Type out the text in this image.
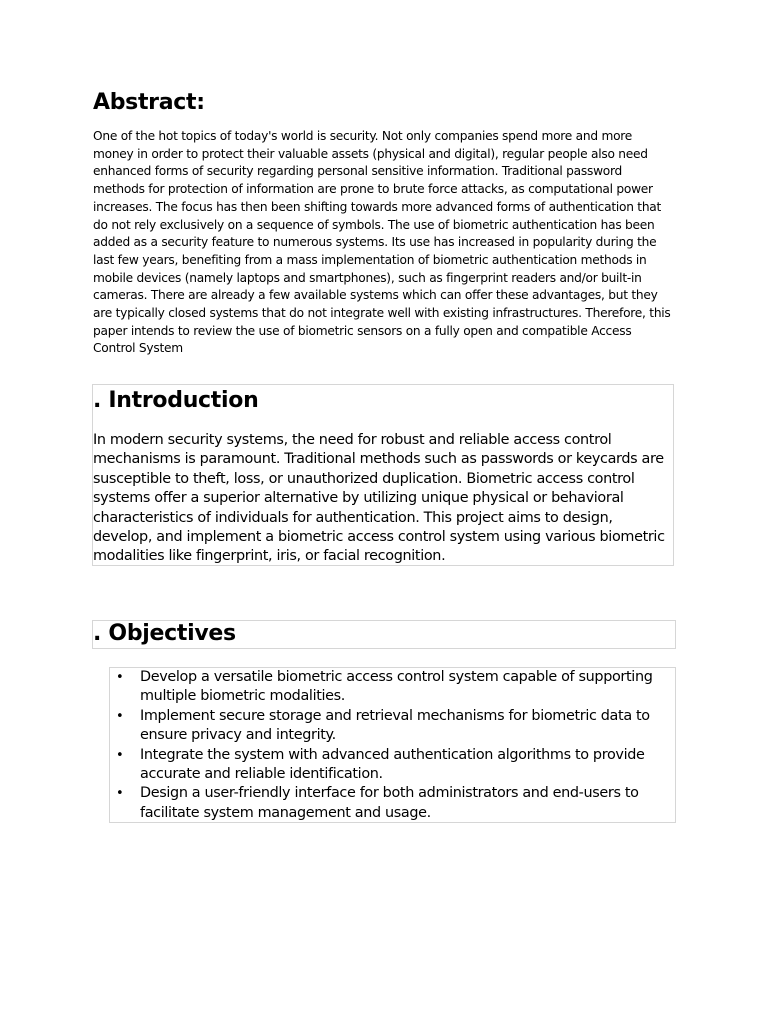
Abstract:

One of the hot topics of today's world is security. Not only companies spend more and more money in order to protect their valuable assets (physical and digital), regular people also need enhanced forms of security regarding personal sensitive information. Traditional password methods for protection of information are prone to brute force attacks, as computational power increases. The focus has then been shifting towards more advanced forms of authentication that do not rely exclusively on a sequence of symbols. The use of biometric authentication has been added as a security feature to numerous systems. Its use has increased in popularity during the last few years, benefiting from a mass implementation of biometric authentication methods in mobile devices (namely laptops and smartphones), such as fingerprint readers and/or built-in cameras. There are already a few available systems which can offer these advantages, but they are typically closed systems that do not integrate well with existing infrastructures. Therefore, this paper intends to review the use of biometric sensors on a fully open and compatible Access Control System

. Introduction

In modern security systems, the need for robust and reliable access control mechanisms is paramount. Traditional methods such as passwords or keycards are susceptible to theft, loss, or unauthorized duplication. Biometric access control systems offer a superior alternative by utilizing unique physical or behavioral characteristics of individuals for authentication. This project aims to design, develop, and implement a biometric access control system using various biometric modalities like fingerprint, iris, or facial recognition.

. Objectives
• Develop a versatile biometric access control system capable of supporting multiple biometric modalities.
• Implement secure storage and retrieval mechanisms for biometric data to ensure privacy and integrity.
• Integrate the system with advanced authentication algorithms to provide accurate and reliable identification.
• Design a user-friendly interface for both administrators and end-users to facilitate system management and usage.
